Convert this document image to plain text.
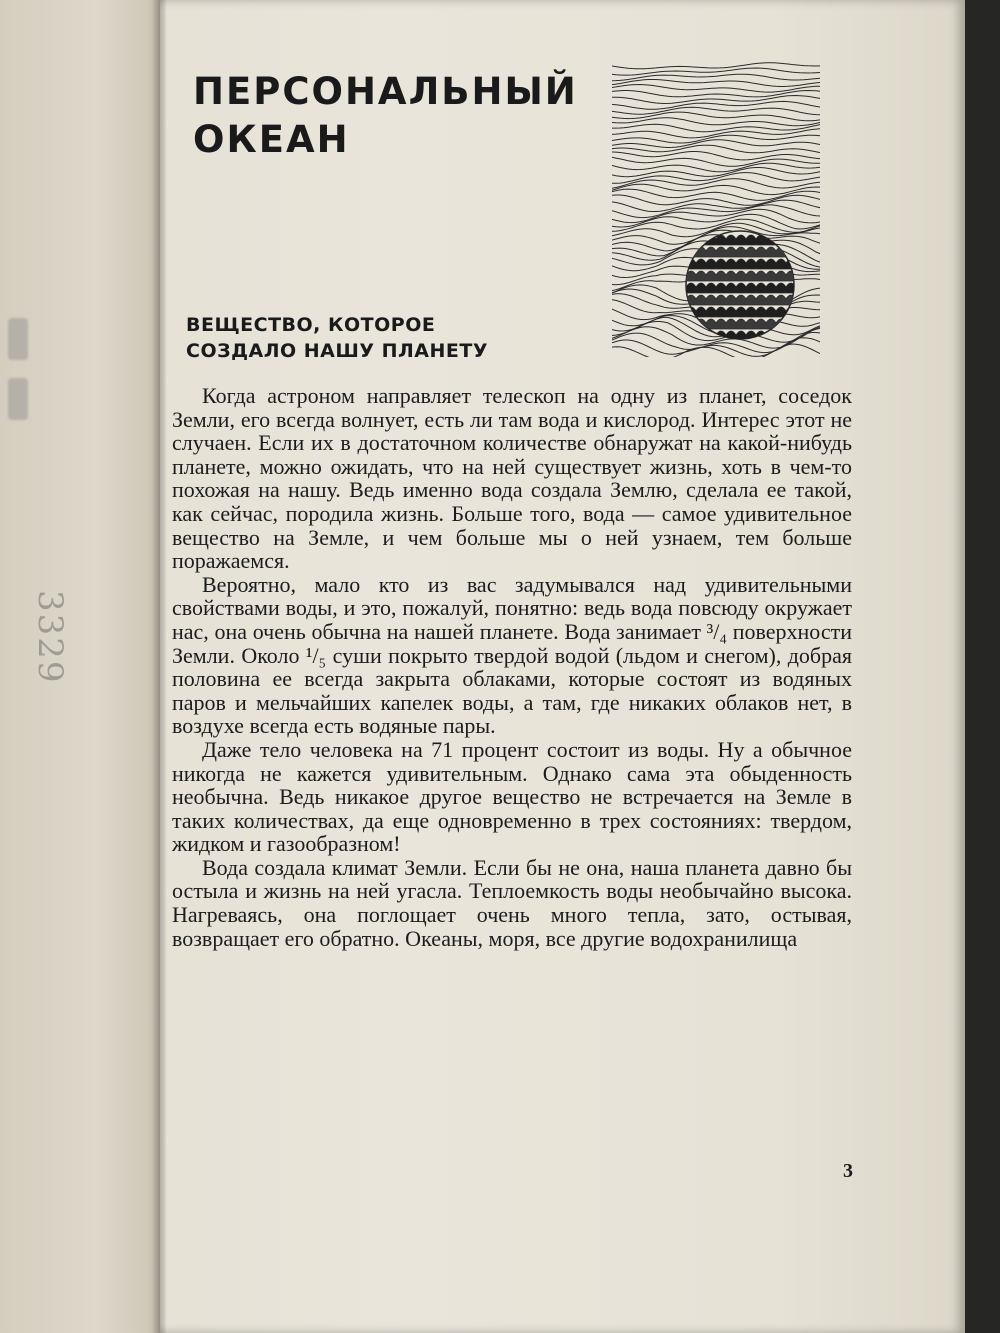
3329
ПЕРСОНАЛЬНЫЙ
ОКЕАН
ВЕЩЕСТВО, КОТОРОЕ
СОЗДАЛО НАШУ ПЛАНЕТУ

Когда астроном направляет телескоп на одну из планет, соседок Земли, его всегда волнует, есть ли там вода и кислород. Интерес этот не случаен. Если их в достаточном количестве обнаружат на какой-нибудь планете, можно ожидать, что на ней существует жизнь, хоть в чем-то похожая на нашу. Ведь именно вода создала Землю, сделала ее такой, как сейчас, породила жизнь. Больше того, вода — самое удивительное вещество на Земле, и чем больше мы о ней узнаем, тем больше поражаемся.

Вероятно, мало кто из вас задумывался над удивительными свойствами воды, и это, пожалуй, понятно: ведь вода повсюду окружает нас, она очень обычна на нашей планете. Вода занимает ³/₄ поверхности Земли. Около ¹/₅ суши покрыто твердой водой (льдом и снегом), добрая половина ее всегда закрыта облаками, которые состоят из водяных паров и мельчайших капелек воды, а там, где никаких облаков нет, в воздухе всегда есть водяные пары.

Даже тело человека на 71 процент состоит из воды. Ну а обычное никогда не кажется удивительным. Однако сама эта обыденность необычна. Ведь никакое другое вещество не встречается на Земле в таких количествах, да еще одновременно в трех состояниях: твердом, жидком и газообразном!

Вода создала климат Земли. Если бы не она, наша планета давно бы остыла и жизнь на ней угасла. Теплоемкость воды необычайно высока. Нагреваясь, она поглощает очень много тепла, зато, остывая, возвращает его обратно. Океаны, моря, все другие водохранилища

3
